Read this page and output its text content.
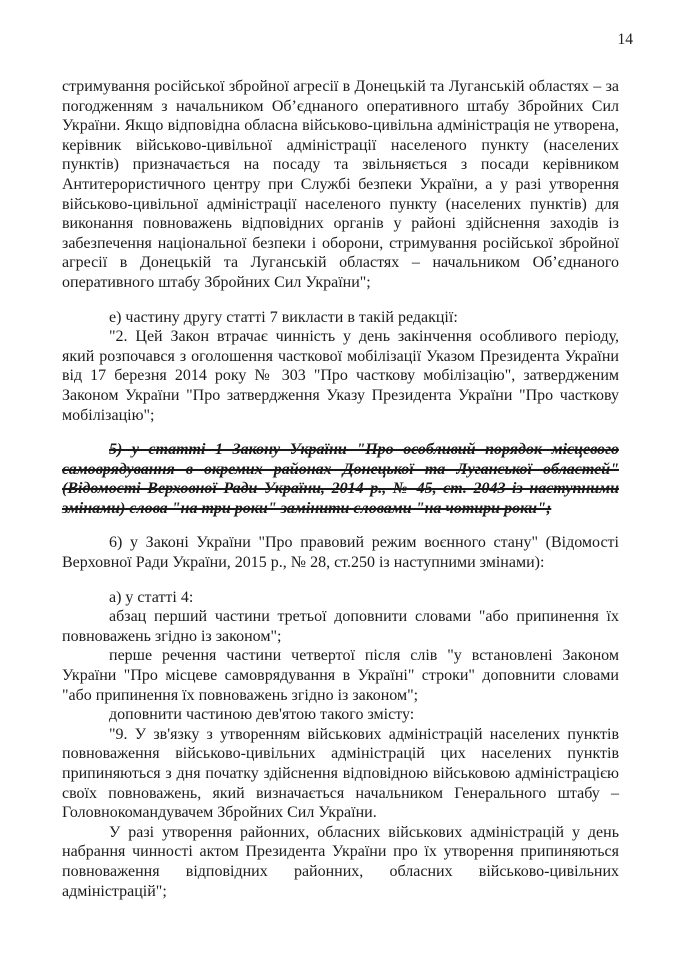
14

стримування російської збройної агресії в Донецькій та Луганській областях – за погодженням з начальником Об’єднаного оперативного штабу Збройних Сил України. Якщо відповідна обласна військово-цивільна адміністрація не утворена, керівник військово-цивільної адміністрації населеного пункту (населених пунктів) призначається на посаду та звільняється з посади керівником Антитерористичного центру при Службі безпеки України, а у разі утворення військово-цивільної адміністрації населеного пункту (населених пунктів) для виконання повноважень відповідних органів у районі здійснення заходів із забезпечення національної безпеки і оборони, стримування російської збройної агресії в Донецькій та Луганській областях – начальником Об’єднаного оперативного штабу Збройних Сил України";

е) частину другу статті 7 викласти в такій редакції:

"2. Цей Закон втрачає чинність у день закінчення особливого періоду, який розпочався з оголошення часткової мобілізації Указом Президента України від 17 березня 2014 року № 303 "Про часткову мобілізацію", затвердженим Законом України "Про затвердження Указу Президента України "Про часткову мобілізацію";

5) у статті 1 Закону України "Про особливий порядок місцевого самоврядування в окремих районах Донецької та Луганської областей" (Відомості Верховної Ради України, 2014 р., № 45, ст. 2043 із наступними змінами) слова "на три роки" замінити словами "на чотири роки";

6) у Законі України "Про правовий режим воєнного стану" (Відомості Верховної Ради України, 2015 р., № 28, ст.250 із наступними змінами):

а) у статті 4:

абзац перший частини третьої доповнити словами "або припинення їх повноважень згідно із законом";

перше речення частини четвертої після слів "у встановлені Законом України "Про місцеве самоврядування в Україні" строки" доповнити словами "або припинення їх повноважень згідно із законом";

доповнити частиною дев'ятою такого змісту:

"9. У зв'язку з утворенням військових адміністрацій населених пунктів повноваження військово-цивільних адміністрацій цих населених пунктів припиняються з дня початку здійснення відповідною військовою адміністрацією своїх повноважень, який визначається начальником Генерального штабу – Головнокомандувачем Збройних Сил України.

У разі утворення районних, обласних військових адміністрацій у день набрання чинності актом Президента України про їх утворення припиняються повноваження відповідних районних, обласних військово-цивільних адміністрацій";
